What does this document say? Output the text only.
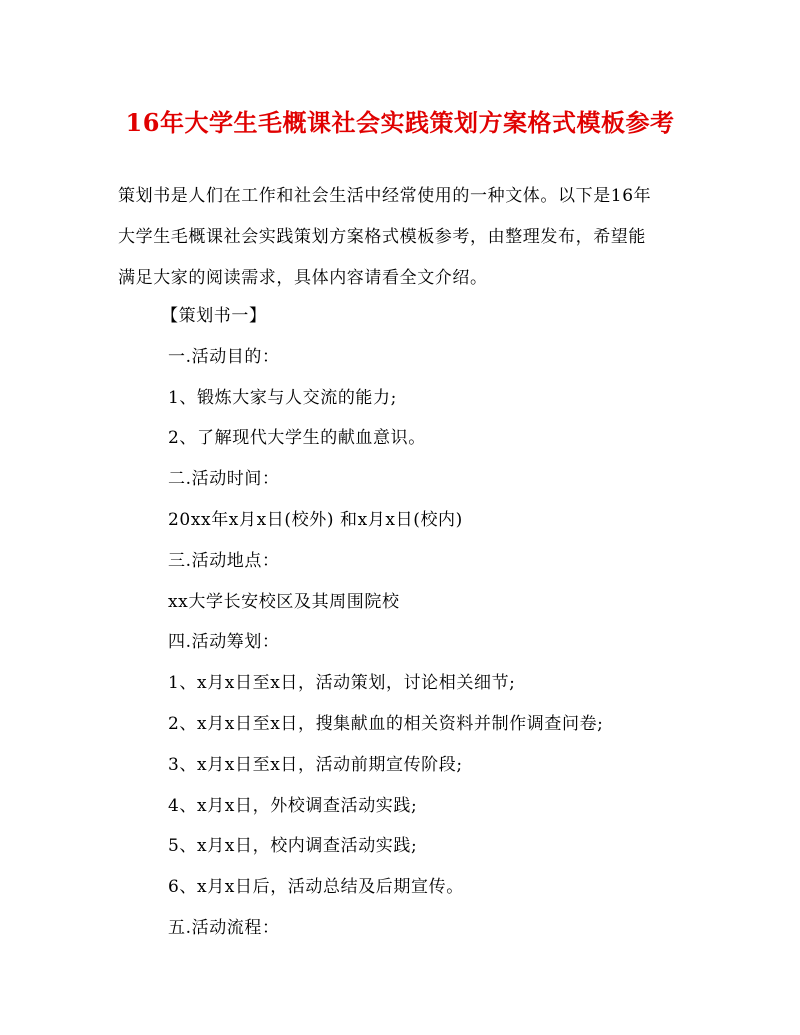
16年大学生毛概课社会实践策划方案格式模板参考

策划书是人们在工作和社会生活中经常使用的一种文体。以下是16年
大学生毛概课社会实践策划方案格式模板参考，由整理发布，希望能
满足大家的阅读需求，具体内容请看全文介绍。

【策划书一】
一.活动目的：
1、锻炼大家与人交流的能力;
2、了解现代大学生的献血意识。
二.活动时间：
20xx年x月x日(校外) 和x月x日(校内)
三.活动地点：
xx大学长安校区及其周围院校
四.活动筹划：
1、x月x日至x日，活动策划，讨论相关细节;
2、x月x日至x日，搜集献血的相关资料并制作调查问卷;
3、x月x日至x日，活动前期宣传阶段;
4、x月x日，外校调查活动实践;
5、x月x日，校内调查活动实践;
6、x月x日后，活动总结及后期宣传。
五.活动流程：
